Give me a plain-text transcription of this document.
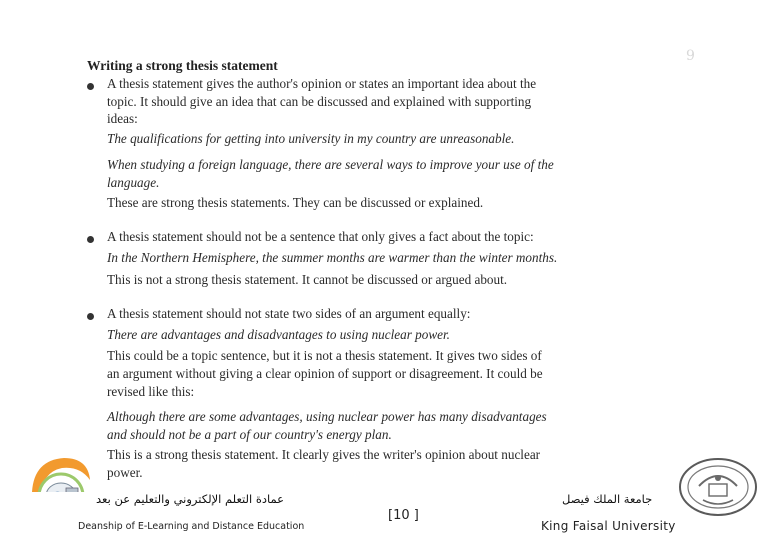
9
Writing a strong thesis statement
A thesis statement gives the author's opinion or states an important idea about the
topic. It should give an idea that can be discussed and explained with supporting
ideas:
The qualifications for getting into university in my country are unreasonable.
When studying a foreign language, there are several ways to improve your use of the
language.
These are strong thesis statements. They can be discussed or explained.
A thesis statement should not be a sentence that only gives a fact about the topic:
In the Northern Hemisphere, the summer months are warmer than the winter months.
This is not a strong thesis statement. It cannot be discussed or argued about.
A thesis statement should not state two sides of an argument equally:
There are advantages and disadvantages to using nuclear power.
This could be a topic sentence, but it is not a thesis statement. It gives two sides of
an argument without giving a clear opinion of support or disagreement. It could be
revised like this:
Although there are some advantages, using nuclear power has many disadvantages
and should not be a part of our country's energy plan.
This is a strong thesis statement. It clearly gives the writer's opinion about nuclear
power.
عمادة التعلم الإلكتروني والتعليم عن بعد
Deanship of E-Learning and Distance Education
[10 ]
جامعة الملك فيصل
King Faisal University
